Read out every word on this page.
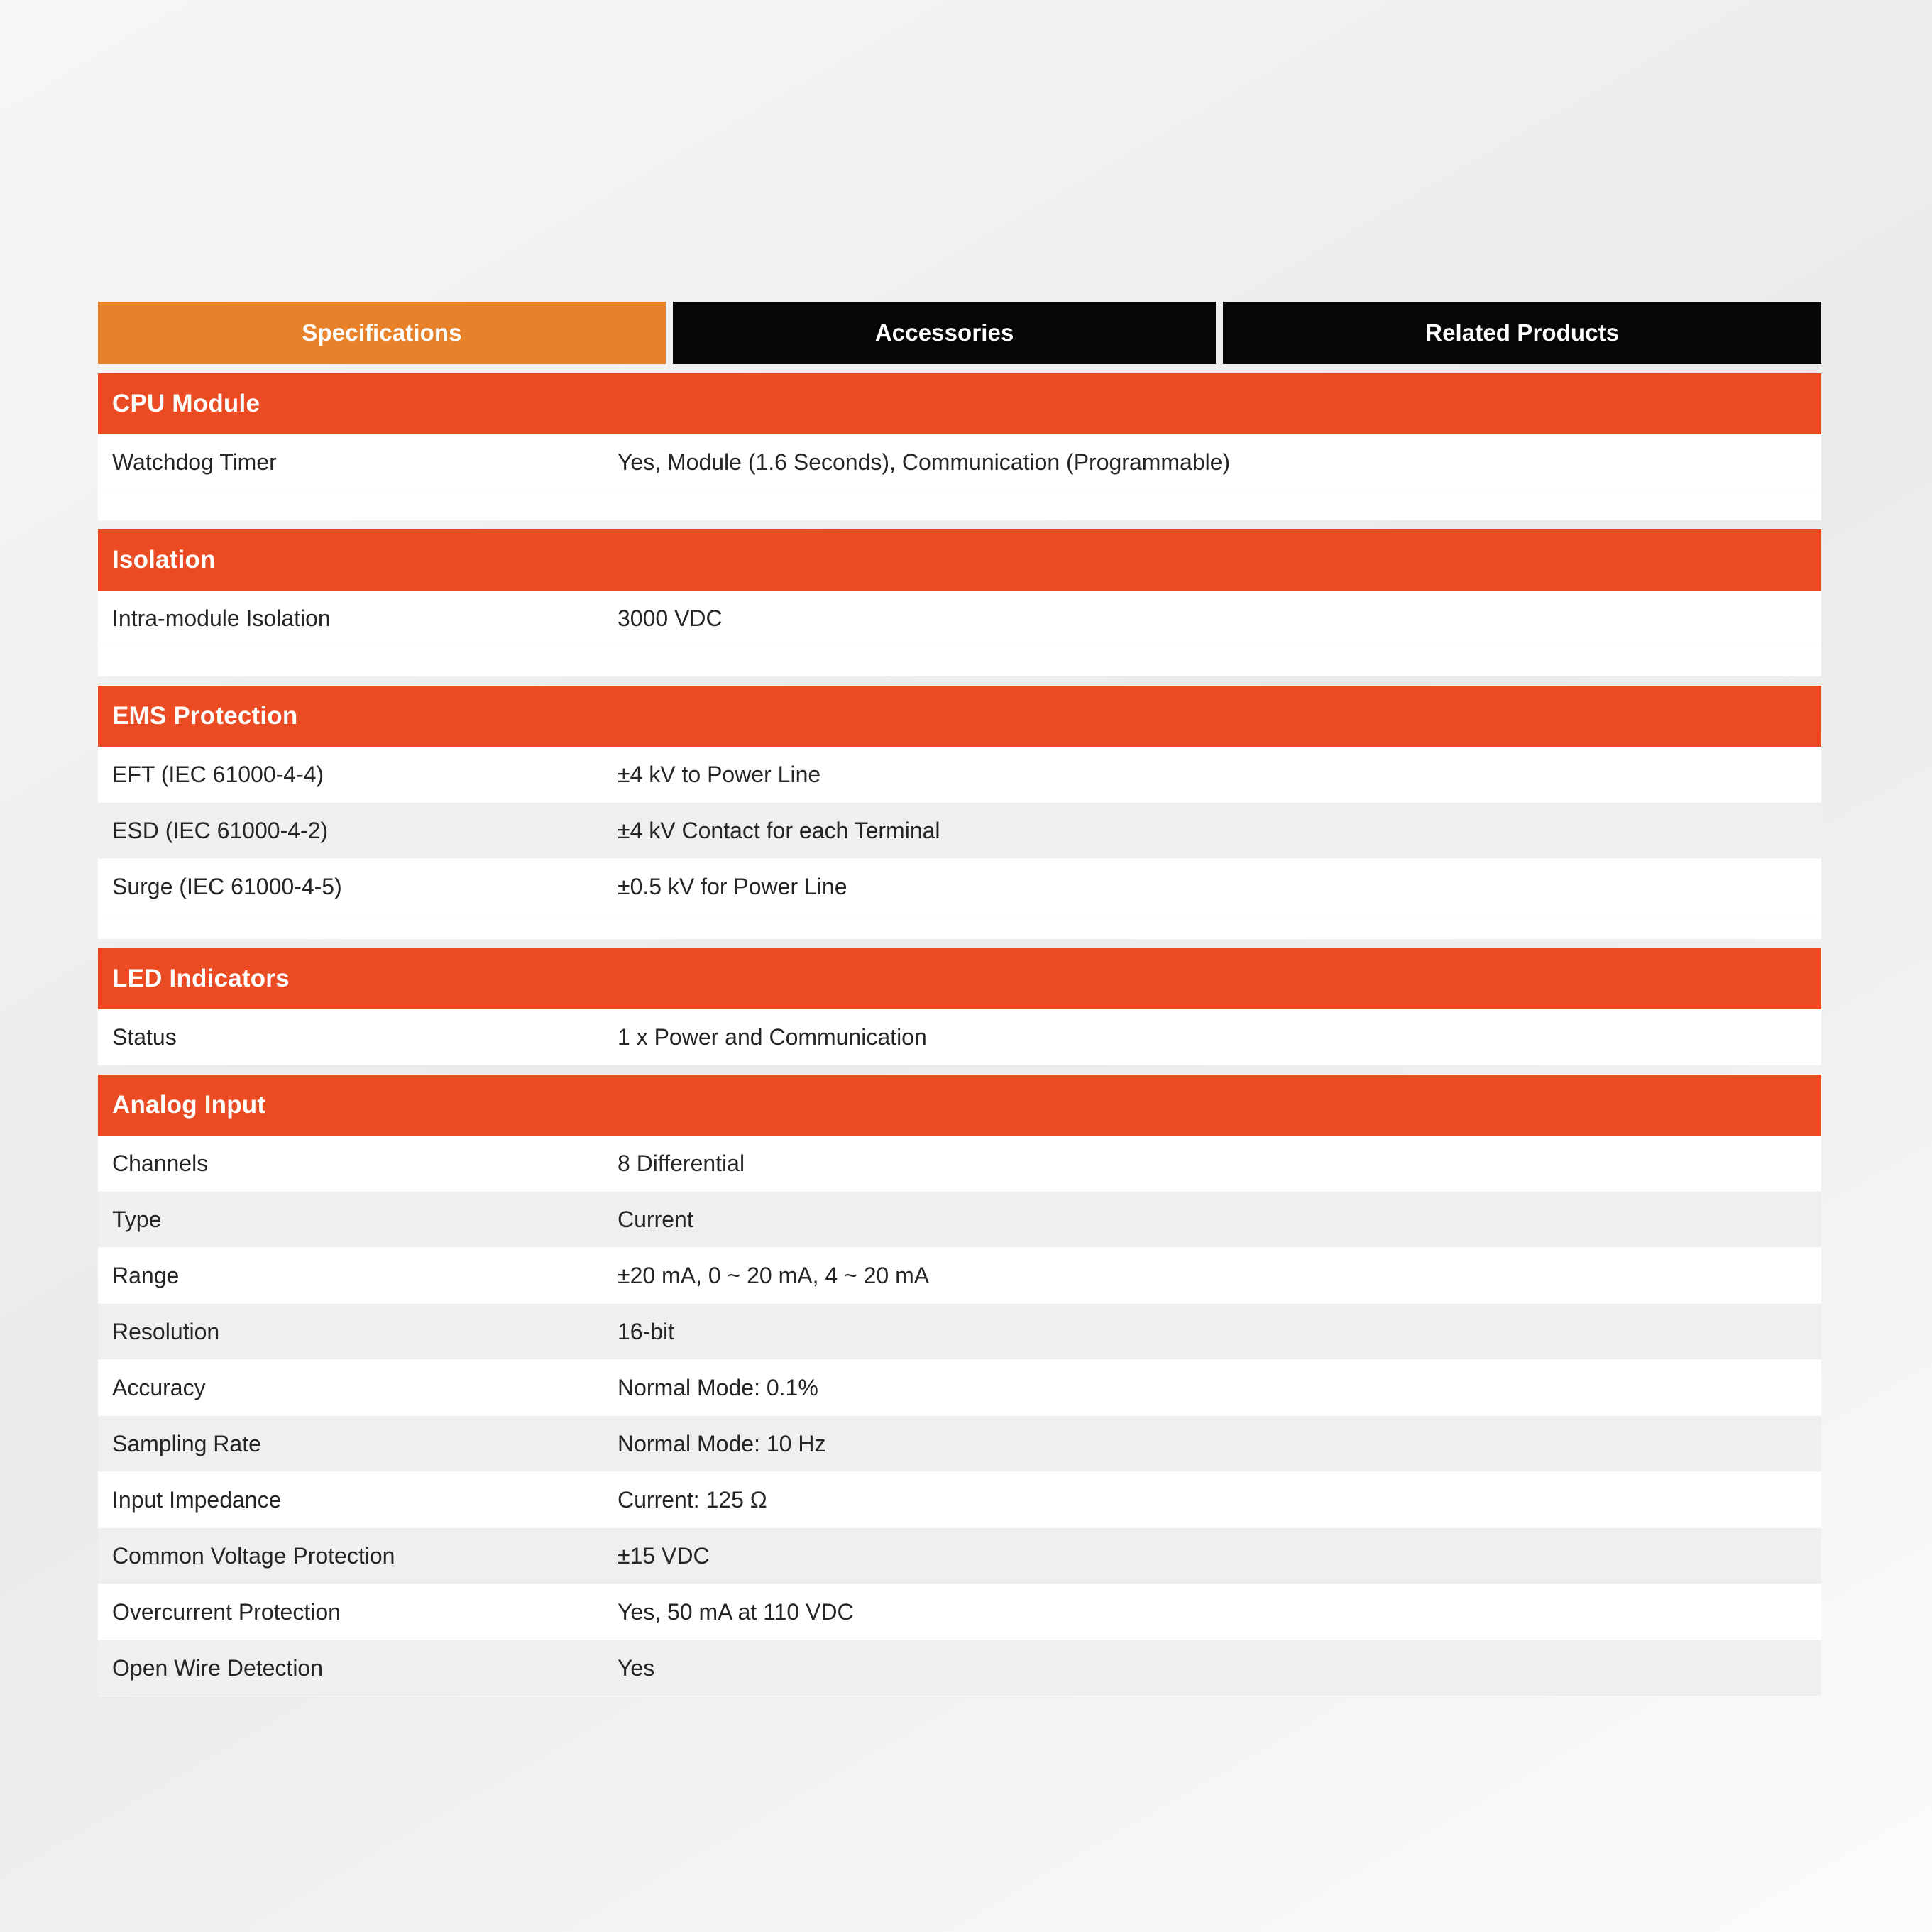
Specifications	Accessories	Related Products
CPU Module
Watchdog Timer	Yes, Module (1.6 Seconds), Communication (Programmable)
Isolation
Intra-module Isolation	3000 VDC
EMS Protection
EFT (IEC 61000-4-4)	±4 kV to Power Line
ESD (IEC 61000-4-2)	±4 kV Contact for each Terminal
Surge (IEC 61000-4-5)	±0.5 kV for Power Line
LED Indicators
Status	1 x Power and Communication
Analog Input
Channels	8 Differential
Type	Current
Range	±20 mA, 0 ~ 20 mA, 4 ~ 20 mA
Resolution	16-bit
Accuracy	Normal Mode: 0.1%
Sampling Rate	Normal Mode: 10 Hz
Input Impedance	Current: 125 Ω
Common Voltage Protection	±15 VDC
Overcurrent Protection	Yes, 50 mA at 110 VDC
Open Wire Detection	Yes
